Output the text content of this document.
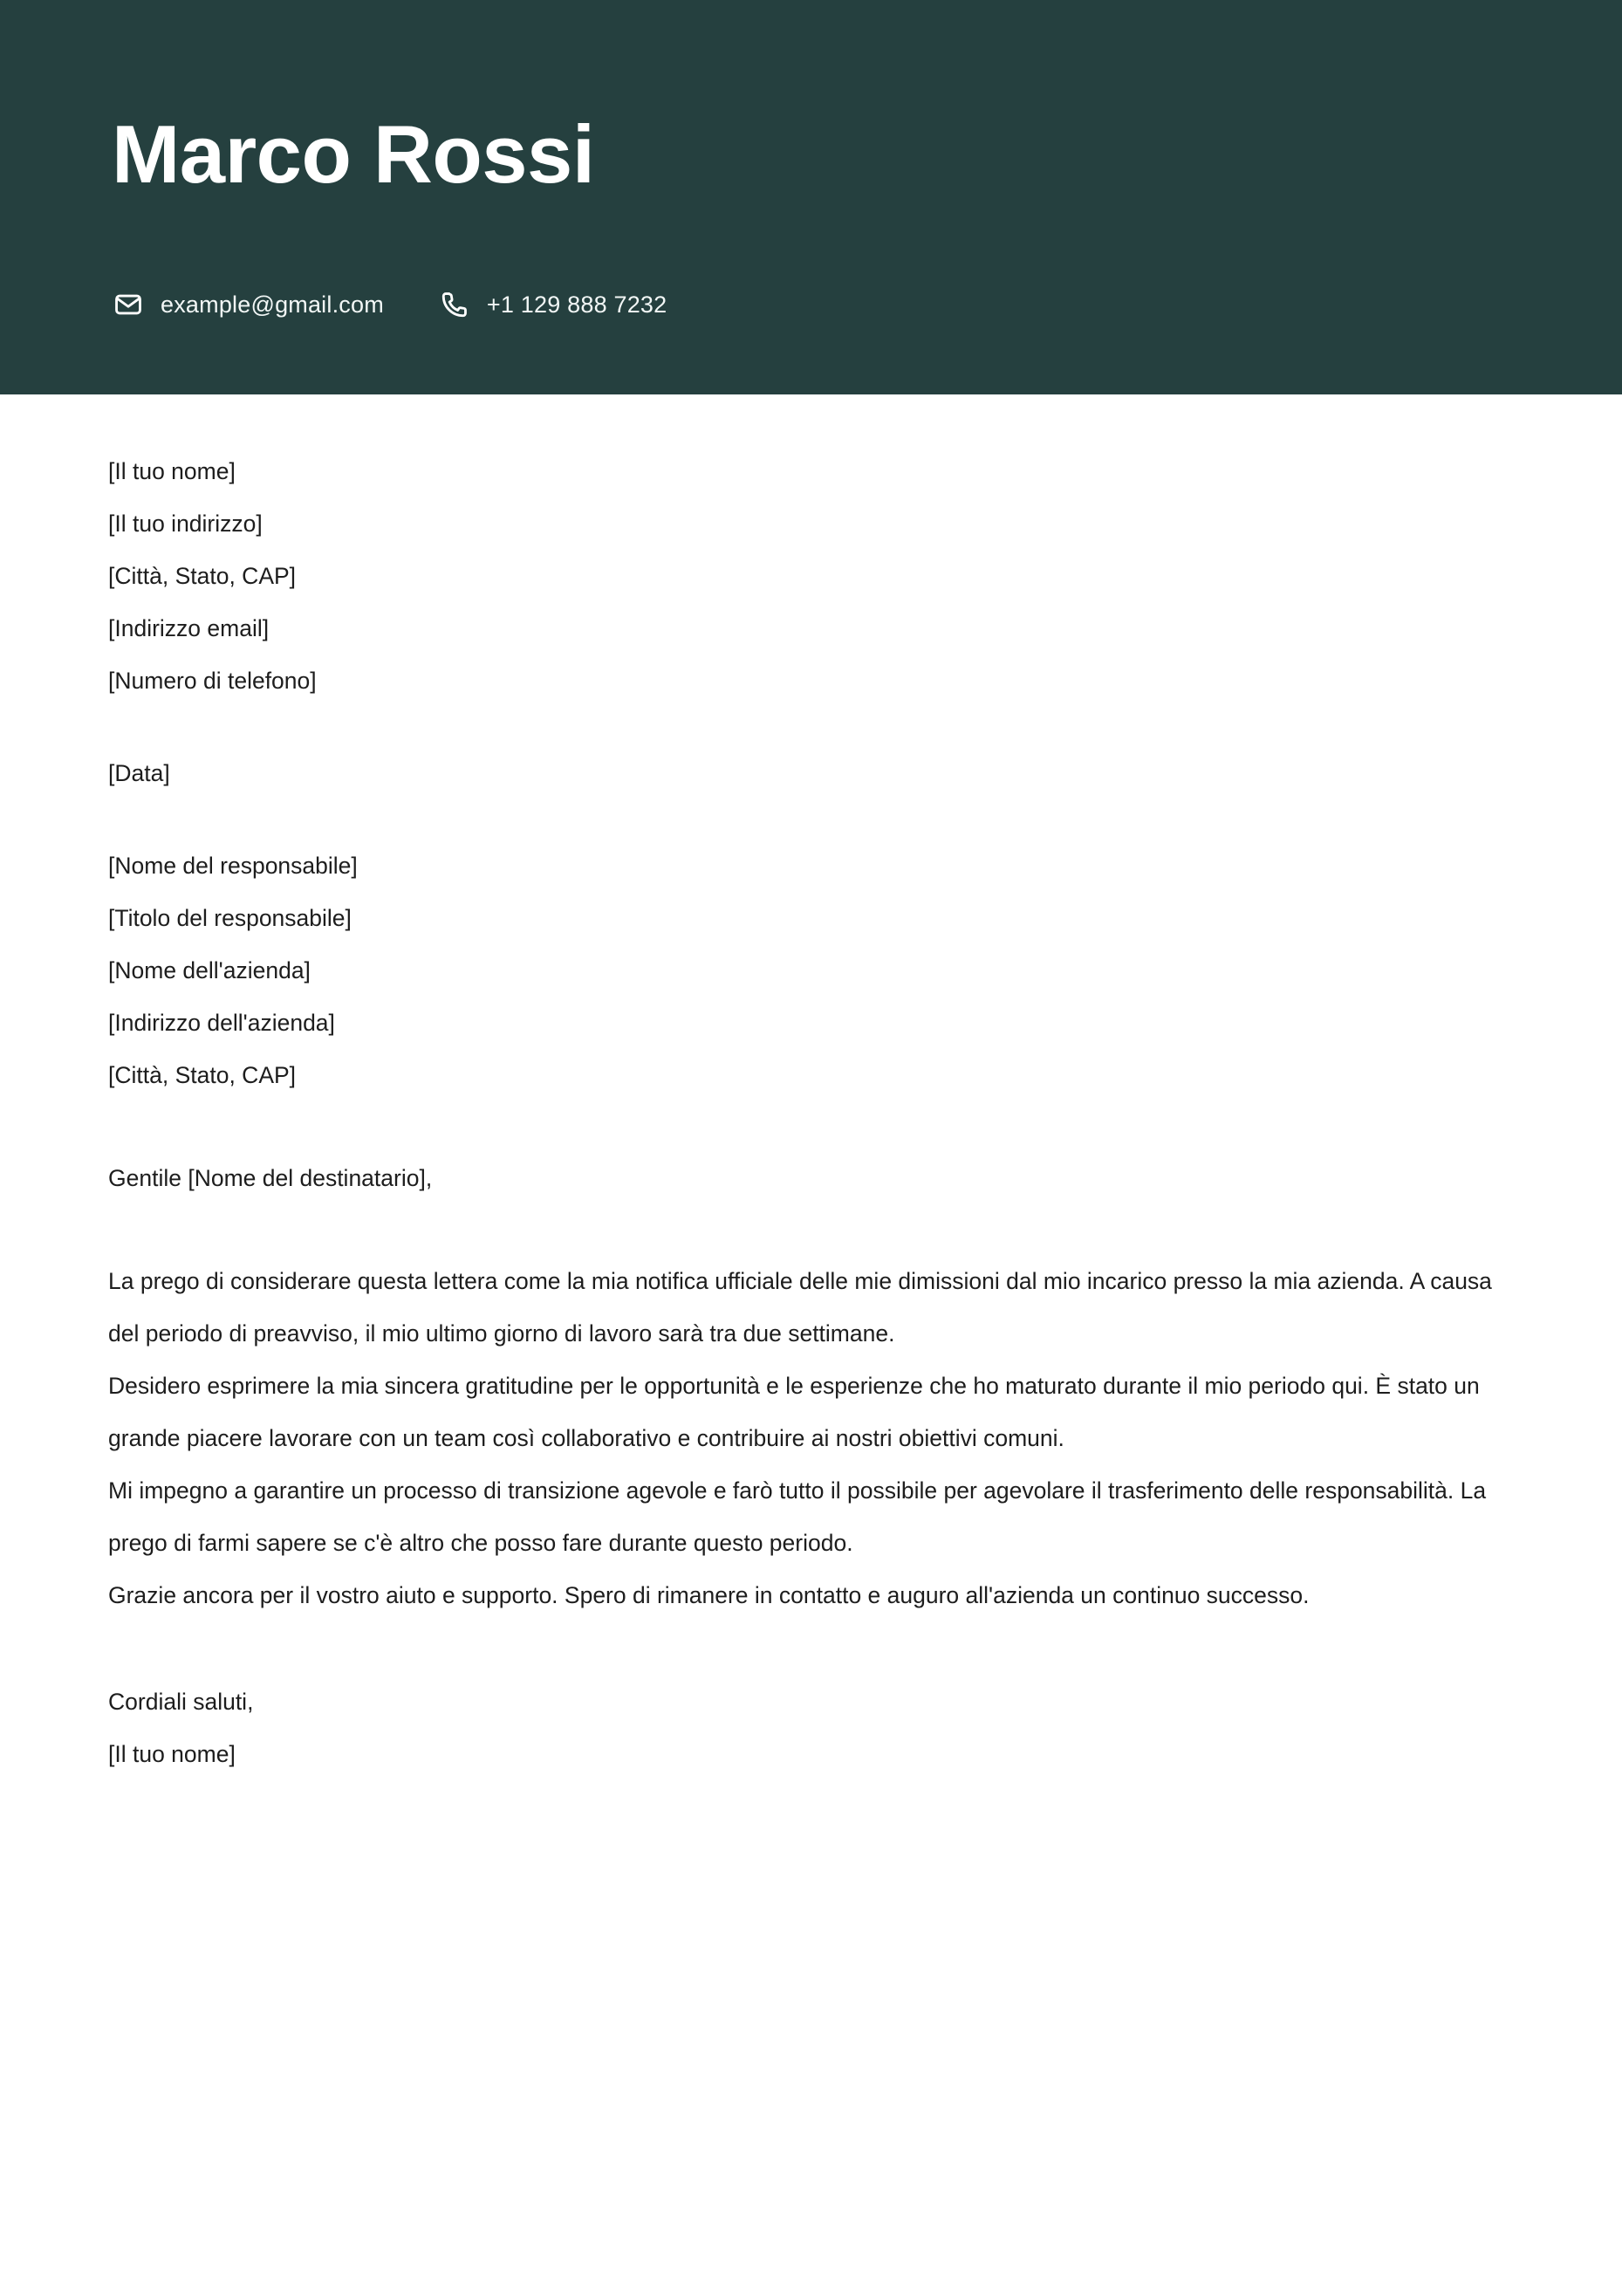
Marco Rossi
example@gmail.com	+1 129 888 7232
[Il tuo nome]
[Il tuo indirizzo]
[Città, Stato, CAP]
[Indirizzo email]
[Numero di telefono]
[Data]
[Nome del responsabile]
[Titolo del responsabile]
[Nome dell'azienda]
[Indirizzo dell'azienda]
[Città, Stato, CAP]
Gentile [Nome del destinatario],

La prego di considerare questa lettera come la mia notifica ufficiale delle mie dimissioni dal mio incarico presso la mia azienda. A causa del periodo di preavviso, il mio ultimo giorno di lavoro sarà tra due settimane.

Desidero esprimere la mia sincera gratitudine per le opportunità e le esperienze che ho maturato durante il mio periodo qui. È stato un grande piacere lavorare con un team così collaborativo e contribuire ai nostri obiettivi comuni.

Mi impegno a garantire un processo di transizione agevole e farò tutto il possibile per agevolare il trasferimento delle responsabilità. La prego di farmi sapere se c'è altro che posso fare durante questo periodo.

Grazie ancora per il vostro aiuto e supporto. Spero di rimanere in contatto e auguro all'azienda un continuo successo.

Cordiali saluti,
[Il tuo nome]
